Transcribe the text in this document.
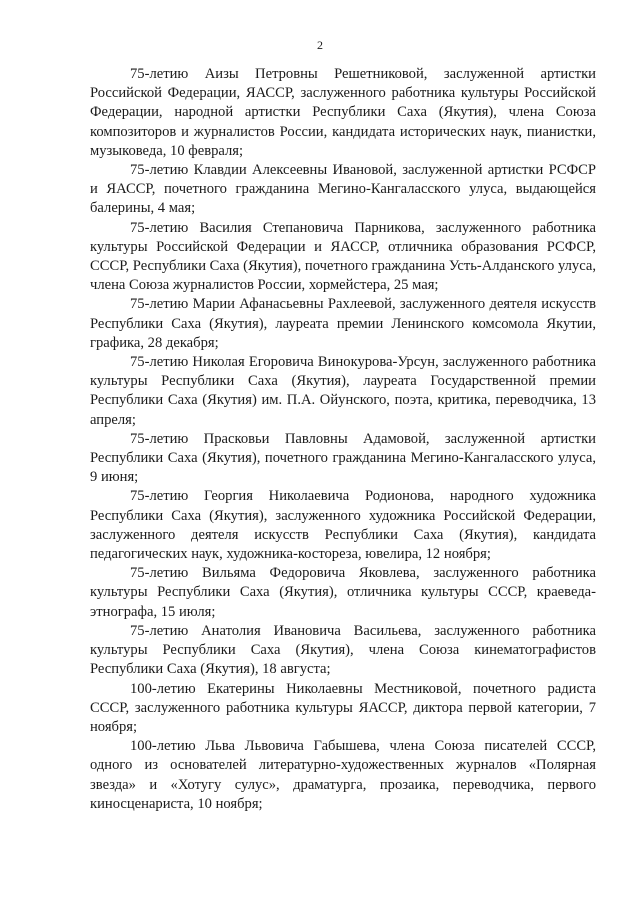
2

75-летию Аизы Петровны Решетниковой, заслуженной артистки Российской Федерации, ЯАССР, заслуженного работника культуры Российской Федерации, народной артистки Республики Саха (Якутия), члена Союза композиторов и журналистов России, кандидата исторических наук, пианистки, музыковеда, 10 февраля;

75-летию Клавдии Алексеевны Ивановой, заслуженной артистки РСФСР и ЯАССР, почетного гражданина Мегино-Кангаласского улуса, выдающейся балерины, 4 мая;

75-летию Василия Степановича Парникова, заслуженного работника культуры Российской Федерации и ЯАССР, отличника образования РСФСР, СССР, Республики Саха (Якутия), почетного гражданина Усть-Алданского улуса, члена Союза журналистов России, хормейстера, 25 мая;

75-летию Марии Афанасьевны Рахлеевой, заслуженного деятеля искусств Республики Саха (Якутия), лауреата премии Ленинского комсомола Якутии, графика, 28 декабря;

75-летию Николая Егоровича Винокурова-Урсун, заслуженного работника культуры Республики Саха (Якутия), лауреата Государственной премии Республики Саха (Якутия) им. П.А. Ойунского, поэта, критика, переводчика, 13 апреля;

75-летию Прасковьи Павловны Адамовой, заслуженной артистки Республики Саха (Якутия), почетного гражданина Мегино-Кангаласского улуса, 9 июня;

75-летию Георгия Николаевича Родионова, народного художника Республики Саха (Якутия), заслуженного художника Российской Федерации, заслуженного деятеля искусств Республики Саха (Якутия), кандидата педагогических наук, художника-костореза, ювелира, 12 ноября;

75-летию Вильяма Федоровича Яковлева, заслуженного работника культуры Республики Саха (Якутия), отличника культуры СССР, краеведа-этнографа, 15 июля;

75-летию Анатолия Ивановича Васильева, заслуженного работника культуры Республики Саха (Якутия), члена Союза кинематографистов Республики Саха (Якутия), 18 августа;

100-летию Екатерины Николаевны Местниковой, почетного радиста СССР, заслуженного работника культуры ЯАССР, диктора первой категории, 7 ноября;

100-летию Льва Львовича Габышева, члена Союза писателей СССР, одного из основателей литературно-художественных журналов «Полярная звезда» и «Хотугу сулус», драматурга, прозаика, переводчика, первого киносценариста, 10 ноября;
